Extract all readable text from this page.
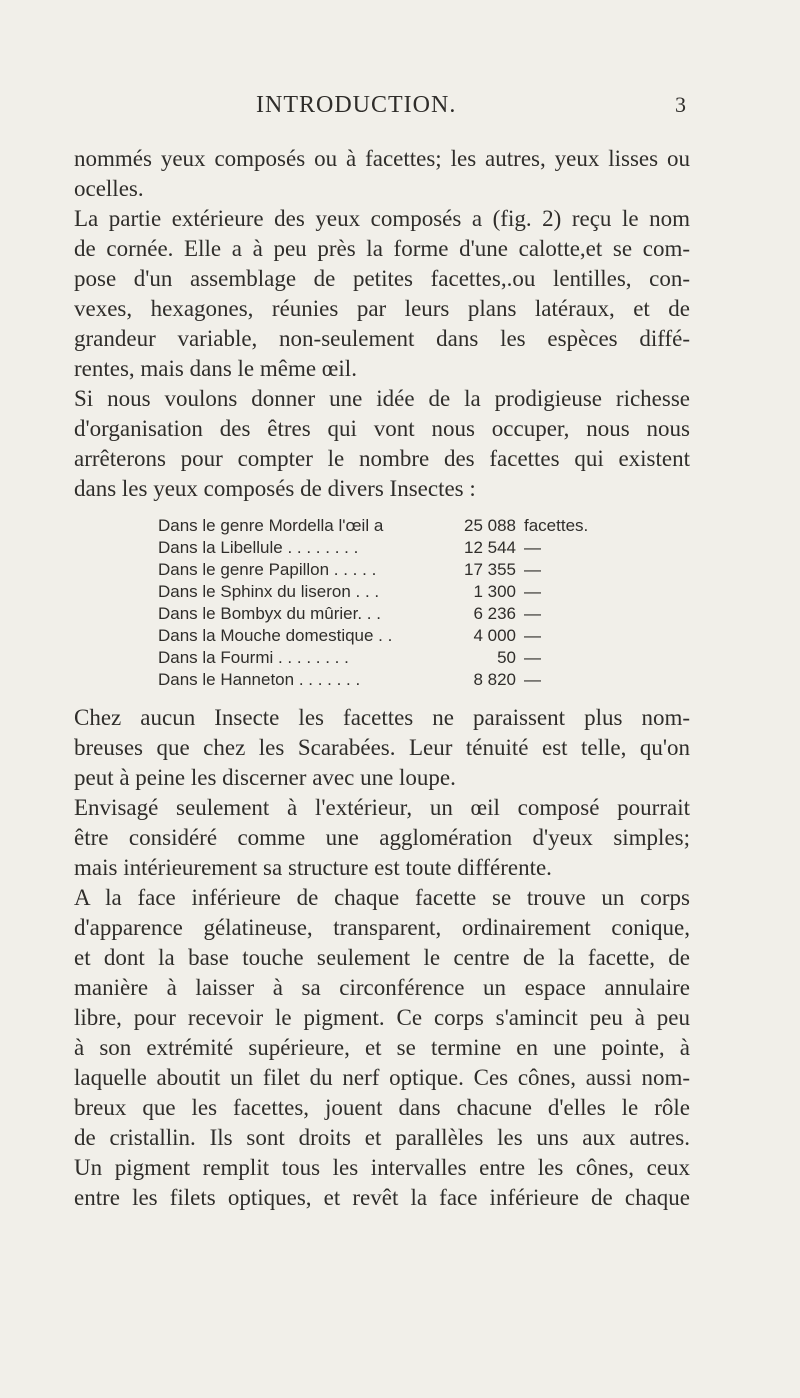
INTRODUCTION.	3
nommés yeux composés ou à facettes; les autres, yeux lisses ou
ocelles.
La partie extérieure des yeux composés a (fig. 2) reçu le nom
de cornée. Elle a à peu près la forme d'une calotte,et se com-
pose d'un assemblage de petites facettes,.ou lentilles, con-
vexes, hexagones, réunies par leurs plans latéraux, et de
grandeur variable, non-seulement dans les espèces diffé-
rentes, mais dans le même œil.
Si nous voulons donner une idée de la prodigieuse richesse
d'organisation des êtres qui vont nous occuper, nous nous
arrêterons pour compter le nombre des facettes qui existent
dans les yeux composés de divers Insectes :
Dans le genre Mordella l'œil a	25 088 facettes.
Dans la Libellule . . . . . . . .	12 544 —
Dans le genre Papillon . . . . .	17 355 —
Dans le Sphinx du liseron . . .	1 300 —
Dans le Bombyx du mûrier. . .	6 236 —
Dans la Mouche domestique . .	4 000 —
Dans la Fourmi . . . . . . . .	50 —
Dans le Hanneton . . . . . . .	8 820 —
Chez aucun Insecte les facettes ne paraissent plus nom-
breuses que chez les Scarabées. Leur ténuité est telle, qu'on
peut à peine les discerner avec une loupe.
Envisagé seulement à l'extérieur, un œil composé pourrait
être considéré comme une agglomération d'yeux simples;
mais intérieurement sa structure est toute différente.
A la face inférieure de chaque facette se trouve un corps
d'apparence gélatineuse, transparent, ordinairement conique,
et dont la base touche seulement le centre de la facette, de
manière à laisser à sa circonférence un espace annulaire
libre, pour recevoir le pigment. Ce corps s'amincit peu à peu
à son extrémité supérieure, et se termine en une pointe, à
laquelle aboutit un filet du nerf optique. Ces cônes, aussi nom-
breux que les facettes, jouent dans chacune d'elles le rôle
de cristallin. Ils sont droits et parallèles les uns aux autres.
Un pigment remplit tous les intervalles entre les cônes, ceux
entre les filets optiques, et revêt la face inférieure de chaque
